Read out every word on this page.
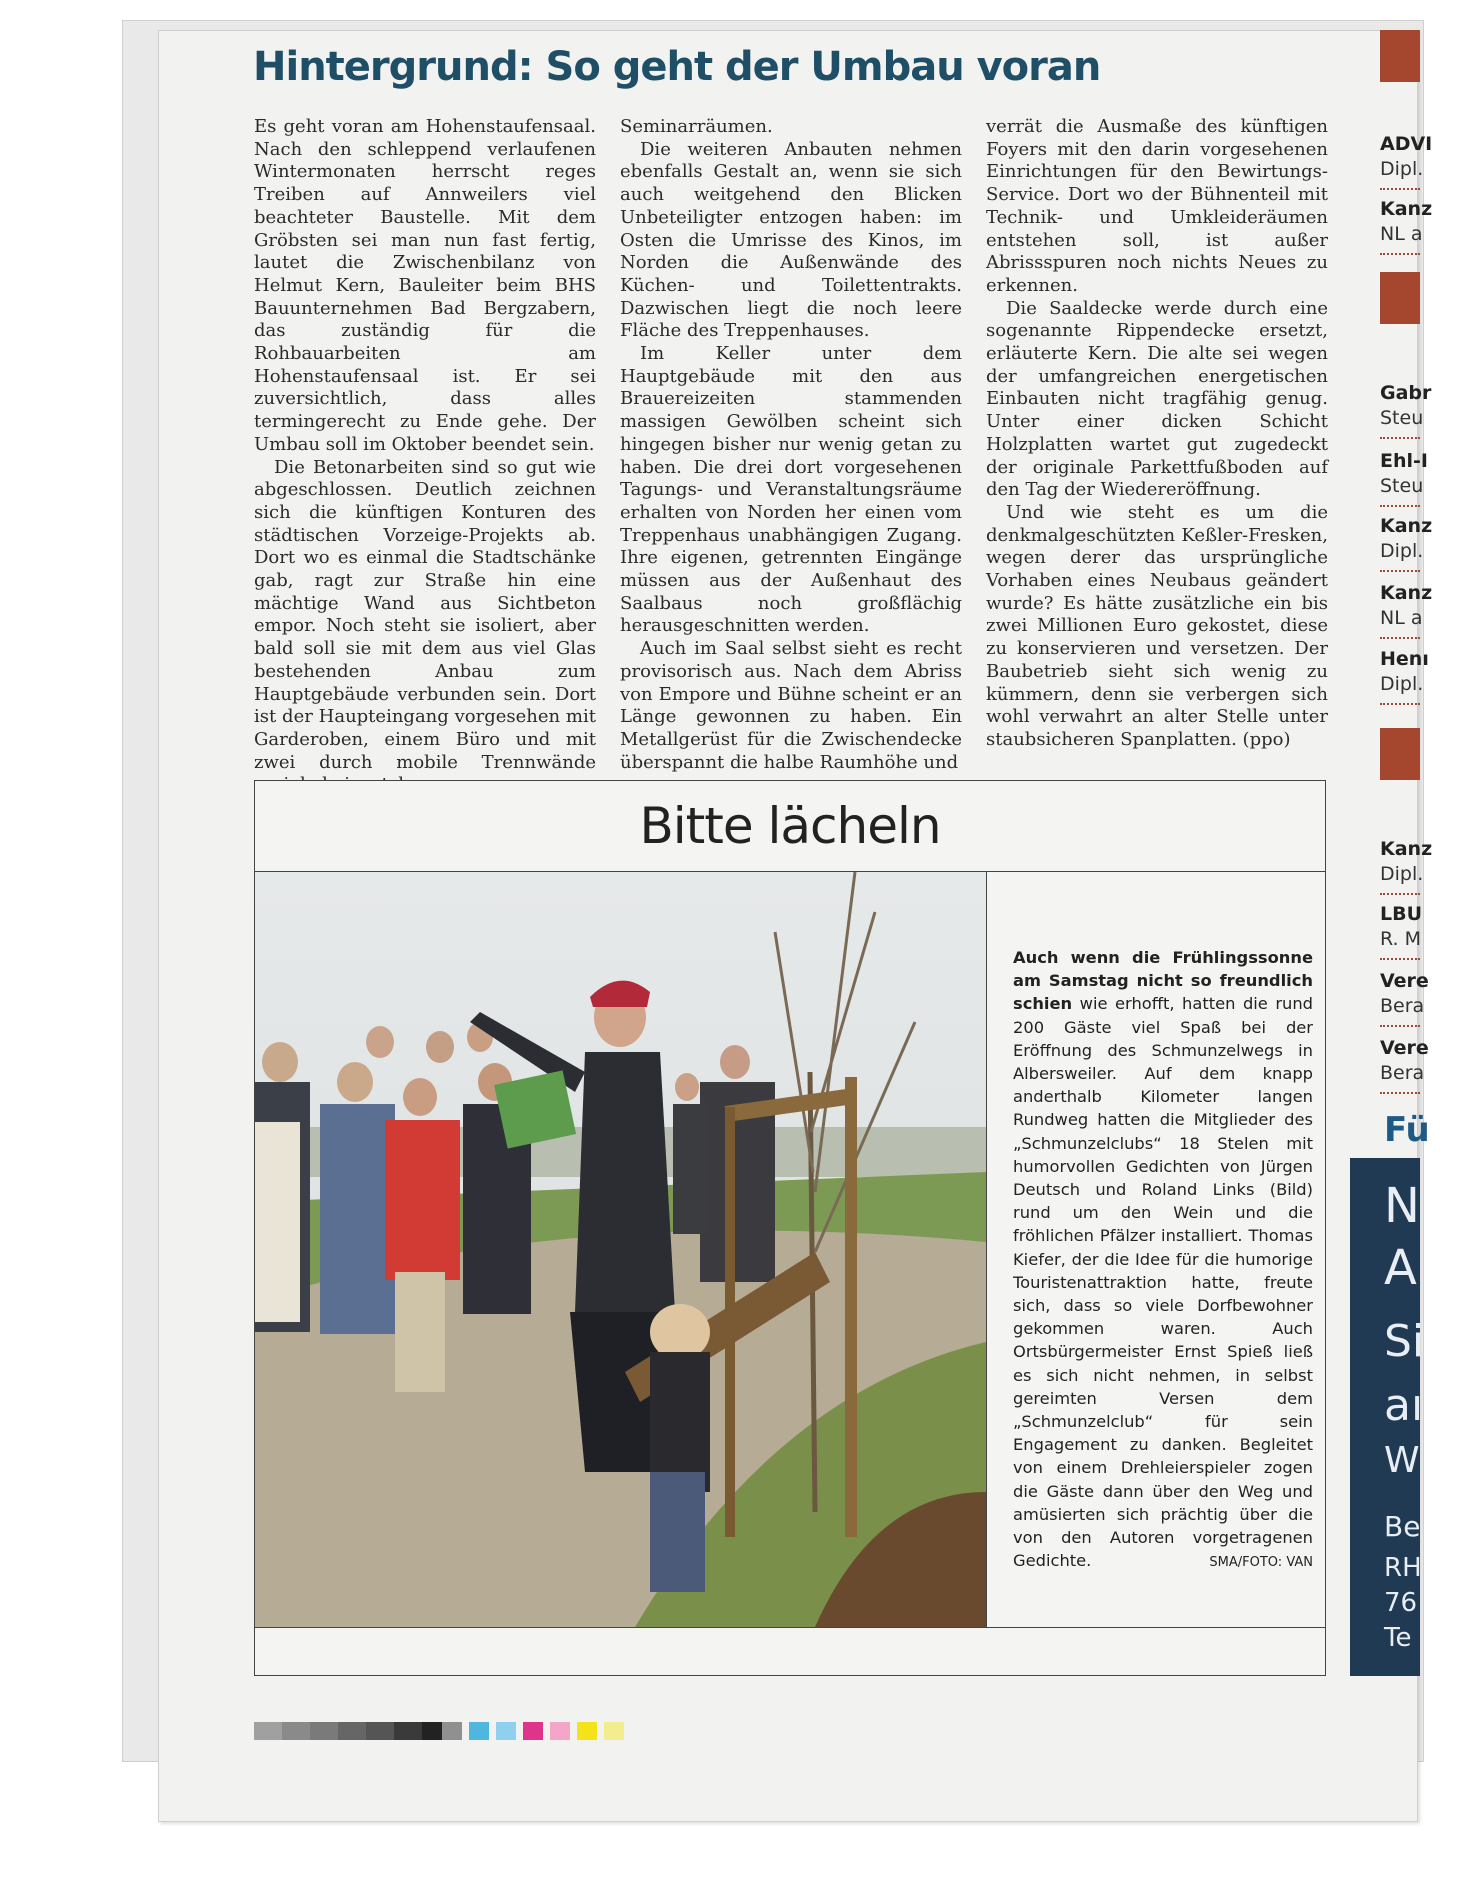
Hintergrund: So geht der Umbau voran

Es geht voran am Hohenstaufensaal. Nach den schleppend verlaufenen Wintermonaten herrscht reges Treiben auf Annweilers viel beachteter Baustelle. Mit dem Gröbsten sei man nun fast fertig, lautet die Zwischenbilanz von Helmut Kern, Bauleiter beim BHS Bauunternehmen Bad Bergzabern, das zuständig für die Rohbauarbeiten am Hohenstaufensaal ist. Er sei zuversichtlich, dass alles termingerecht zu Ende gehe. Der Umbau soll im Oktober beendet sein.

Die Betonarbeiten sind so gut wie abgeschlossen. Deutlich zeichnen sich die künftigen Konturen des städtischen Vorzeige-Projekts ab. Dort wo es einmal die Stadtschänke gab, ragt zur Straße hin eine mächtige Wand aus Sichtbeton empor. Noch steht sie isoliert, aber bald soll sie mit dem aus viel Glas bestehenden Anbau zum Hauptgebäude verbunden sein. Dort ist der Haupteingang vorgesehen mit Garderoben, einem Büro und mit zwei durch mobile Trennwände

Seminarräumen.

Die weiteren Anbauten nehmen ebenfalls Gestalt an, wenn sie sich auch weitgehend den Blicken Unbeteiligter entzogen haben: im Osten die Umrisse des Kinos, im Norden die Außenwände des Küchen- und Toilettentrakts. Dazwischen liegt die noch leere Fläche des Treppenhauses.

Im Keller unter dem Hauptgebäude mit den aus Brauereizeiten stammenden massigen Gewölben scheint sich hingegen bisher nur wenig getan zu haben. Die drei dort vorgesehenen Tagungs- und Veranstaltungsräume erhalten von Norden her einen vom Treppenhaus unabhängigen Zugang. Ihre eigenen, getrennten Eingänge müssen aus der Außenhaut des Saalbaus noch großflächig herausgeschnitten werden.

Auch im Saal selbst sieht es recht provisorisch aus. Nach dem Abriss von Empore und Bühne scheint er an Länge gewonnen zu haben. Ein Metallgerüst für die Zwischendecke überspannt die halbe Raumhöhe und

verrät die Ausmaße des künftigen Foyers mit den darin vorgesehenen Einrichtungen für den Bewirtungs-Service. Dort wo der Bühnenteil mit Technik- und Umkleideräumen entstehen soll, ist außer Abrissspuren noch nichts Neues zu erkennen.

Die Saaldecke werde durch eine sogenannte Rippendecke ersetzt, erläuterte Kern. Die alte sei wegen der umfangreichen energetischen Einbauten nicht tragfähig genug. Unter einer dicken Schicht Holzplatten wartet gut zugedeckt der originale Parkettfußboden auf den Tag der Wiedereröffnung.

Und wie steht es um die denkmalgeschützten Keßler-Fresken, wegen derer das ursprüngliche Vorhaben eines Neubaus geändert wurde? Es hätte zusätzliche ein bis zwei Millionen Euro gekostet, diese zu konservieren und versetzen. Der Baubetrieb sieht sich wenig zu kümmern, denn sie verbergen sich wohl verwahrt an alter Stelle unter staubsicheren Spanplatten. (ppo)

Bitte lächeln
Auch wenn die Frühlingssonne am Samstag nicht so freundlich schien wie erhofft, hatten die rund 200 Gäste viel Spaß bei der Eröffnung des Schmunzelwegs in Albersweiler. Auf dem knapp anderthalb Kilometer langen Rundweg hatten die Mitglieder des „Schmunzelclubs“ 18 Stelen mit humorvollen Gedichten von Jürgen Deutsch und Roland Links (Bild) rund um den Wein und die fröhlichen Pfälzer installiert. Thomas Kiefer, der die Idee für die humorige Touristenattraktion hatte, freute sich, dass so viele Dorfbewohner gekommen waren. Auch Ortsbürgermeister Ernst Spieß ließ es sich nicht nehmen, in selbst gereimten Versen dem „Schmunzelclub“ für sein Engagement zu danken. Begleitet von einem Drehleierspieler zogen die Gäste dann über den Weg und amüsierten sich prächtig über die von den Autoren vorgetragenen Gedichte.	SMA/FOTO: VAN
ADVI
Dipl.
Kanz
NL a
Gabr
Steu
Ehl-I
Steu
Kanz
Dipl.
Kanz
NL a
Henı
Dipl.
Kanz
Dipl.
LBU
R. M
Vere
Bera
Vere
Bera
Fü
N
A
Si
aı
W
Be
RH
76
Te
